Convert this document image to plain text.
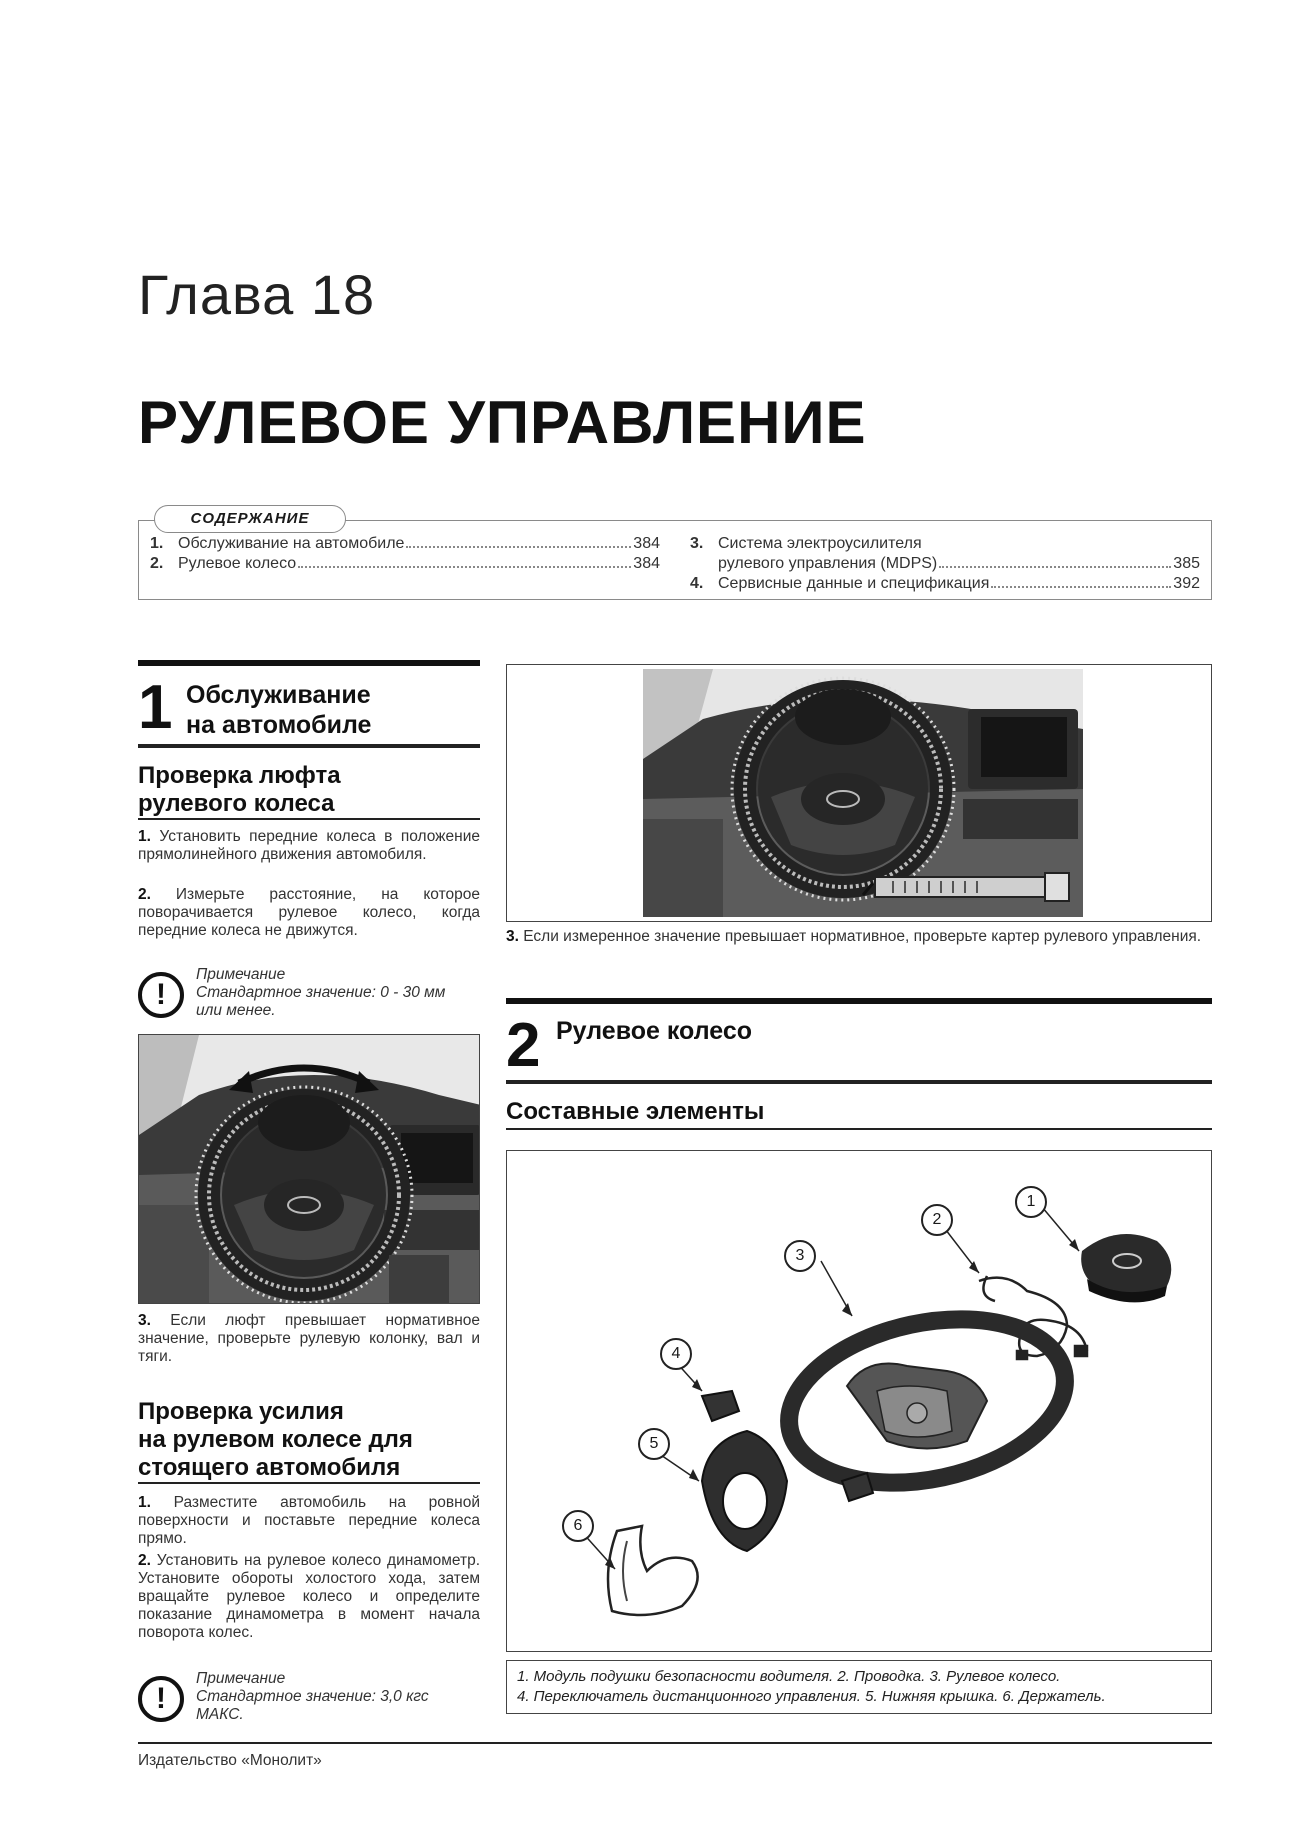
Глава 18
РУЛЕВОЕ УПРАВЛЕНИЕ
СОДЕРЖАНИЕ
1. Обслуживание на автомобиле	384
2. Рулевое колесо	384
3. Система электроусилителя
рулевого управления (MDPS)	385
4. Сервисные данные и спецификация	392
1 Обслуживание
на автомобиле
Проверка люфта
рулевого колеса
1. Установить передние колеса в положение прямолинейного движения автомобиля.
2. Измерьте расстояние, на которое поворачивается рулевое колесо, когда передние колеса не движутся.
!
Примечание
Стандартное значение: 0 - 30 мм
или менее.
3. Если люфт превышает нормативное значение, проверьте рулевую колонку, вал и тяги.
Проверка усилия
на рулевом колесе для
стоящего автомобиля
1. Разместите автомобиль на ровной поверхности и поставьте передние колеса прямо.
2. Установить на рулевое колесо динамометр. Установите обороты холостого хода, затем вращайте рулевое колесо и определите показание динамометра в момент начала поворота колес.
!
Примечание
Стандартное значение: 3,0 кгс
МАКС.
3. Если измеренное значение превышает нормативное, проверьте картер рулевого управления.
2 Рулевое колесо
Составные элементы
1
2
3
4
5
6
1. Модуль подушки безопасности водителя. 2. Проводка. 3. Рулевое колесо.
4. Переключатель дистанционного управления. 5. Нижняя крышка. 6. Держатель.
Издательство «Монолит»
